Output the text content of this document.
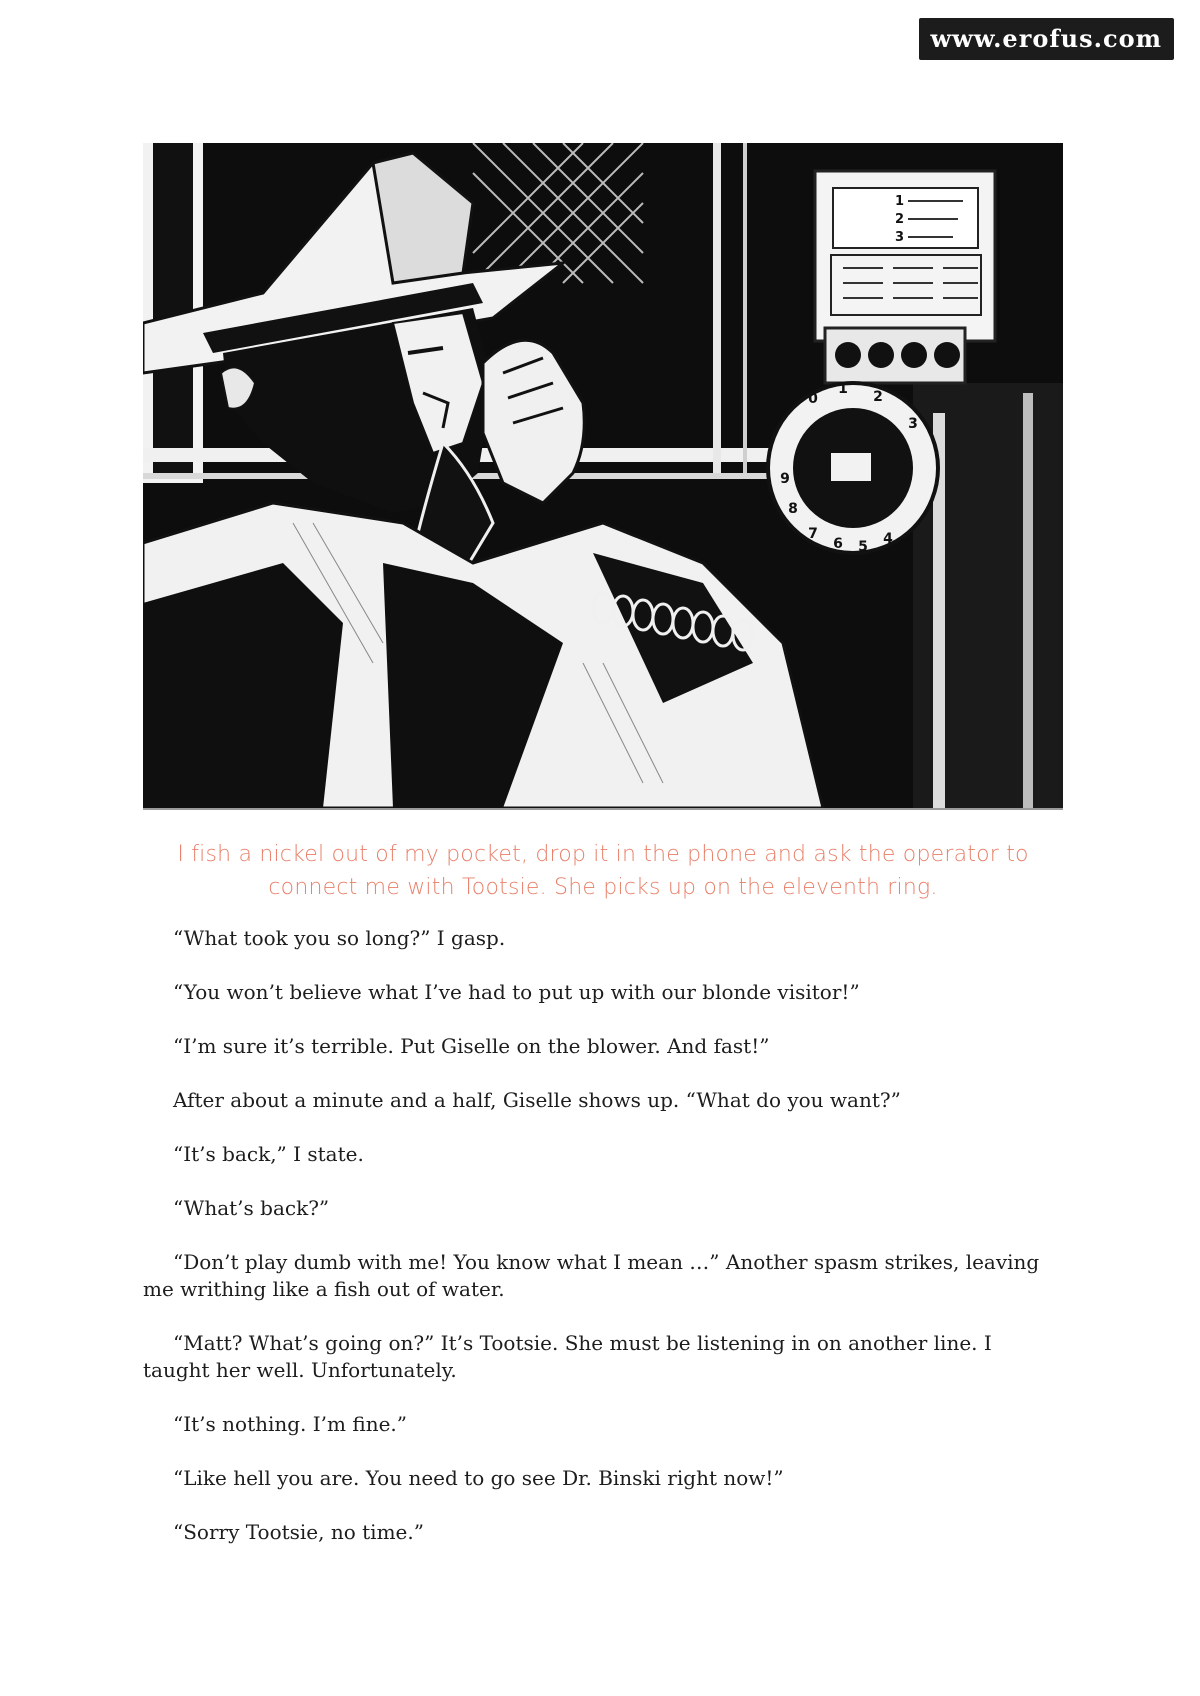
www.erofus.com
1
2
3
0
1 2
3
4
5
6
7
8
9
I fish a nickel out of my pocket, drop it in the phone and ask the operator to connect me with Tootsie. She picks up on the eleventh ring.

“What took you so long?” I gasp.

“You won’t believe what I’ve had to put up with our blonde visitor!”

“I’m sure it’s terrible. Put Giselle on the blower. And fast!”

After about a minute and a half, Giselle shows up. “What do you want?”

“It’s back,” I state.

“What’s back?”

“Don’t play dumb with me! You know what I mean …” Another spasm strikes, leaving me writhing like a fish out of water.

“Matt? What’s going on?” It’s Tootsie. She must be listening in on another line. I taught her well. Unfortunately.

“It’s nothing. I’m fine.”

“Like hell you are. You need to go see Dr. Binski right now!”

“Sorry Tootsie, no time.”
